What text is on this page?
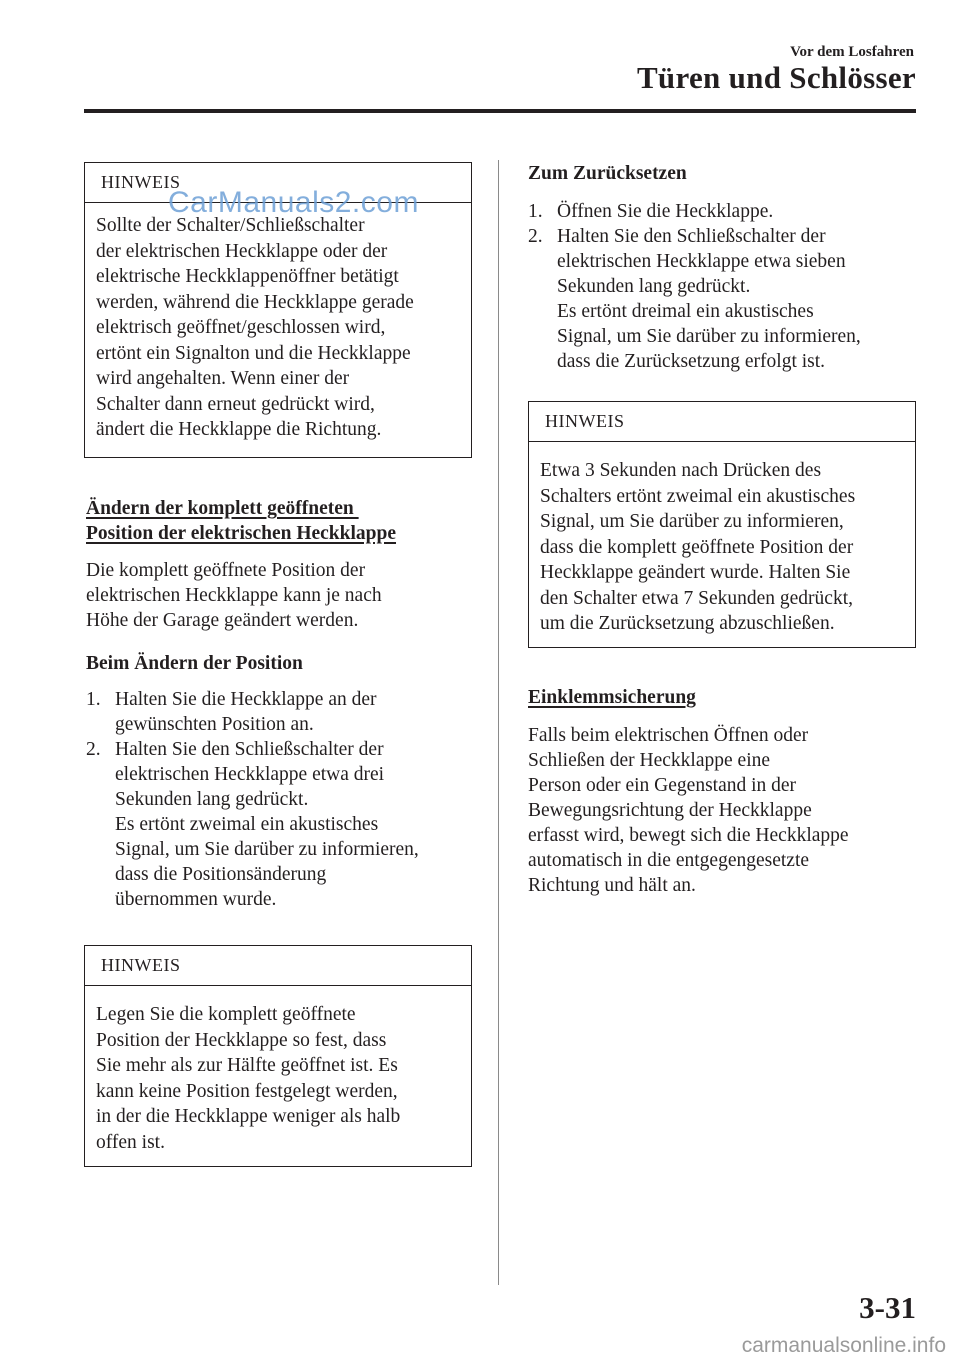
Vor dem Losfahren
Türen und Schlösser
HINWEIS
Sollte der Schalter/Schließschalter
der elektrischen Heckklappe oder der
elektrische Heckklappenöffner betätigt
werden, während die Heckklappe gerade
elektrisch geöffnet/geschlossen wird,
ertönt ein Signalton und die Heckklappe
wird angehalten. Wenn einer der
Schalter dann erneut gedrückt wird,
ändert die Heckklappe die Richtung.
Ändern der komplett geöffneten
Position der elektrischen Heckklappe
Die komplett geöffnete Position der
elektrischen Heckklappe kann je nach
Höhe der Garage geändert werden.
Beim Ändern der Position
1. Halten Sie die Heckklappe an der
gewünschten Position an.
2. Halten Sie den Schließschalter der
elektrischen Heckklappe etwa drei
Sekunden lang gedrückt.
Es ertönt zweimal ein akustisches
Signal, um Sie darüber zu informieren,
dass die Positionsänderung
übernommen wurde.
HINWEIS
Legen Sie die komplett geöffnete
Position der Heckklappe so fest, dass
Sie mehr als zur Hälfte geöffnet ist. Es
kann keine Position festgelegt werden,
in der die Heckklappe weniger als halb
offen ist.
Zum Zurücksetzen
1. Öffnen Sie die Heckklappe.
2. Halten Sie den Schließschalter der
elektrischen Heckklappe etwa sieben
Sekunden lang gedrückt.
Es ertönt dreimal ein akustisches
Signal, um Sie darüber zu informieren,
dass die Zurücksetzung erfolgt ist.
HINWEIS
Etwa 3 Sekunden nach Drücken des
Schalters ertönt zweimal ein akustisches
Signal, um Sie darüber zu informieren,
dass die komplett geöffnete Position der
Heckklappe geändert wurde. Halten Sie
den Schalter etwa 7 Sekunden gedrückt,
um die Zurücksetzung abzuschließen.
Einklemmsicherung
Falls beim elektrischen Öffnen oder
Schließen der Heckklappe eine
Person oder ein Gegenstand in der
Bewegungsrichtung der Heckklappe
erfasst wird, bewegt sich die Heckklappe
automatisch in die entgegengesetzte
Richtung und hält an.
CarManuals2.com
3-31
carmanualsonline.info
